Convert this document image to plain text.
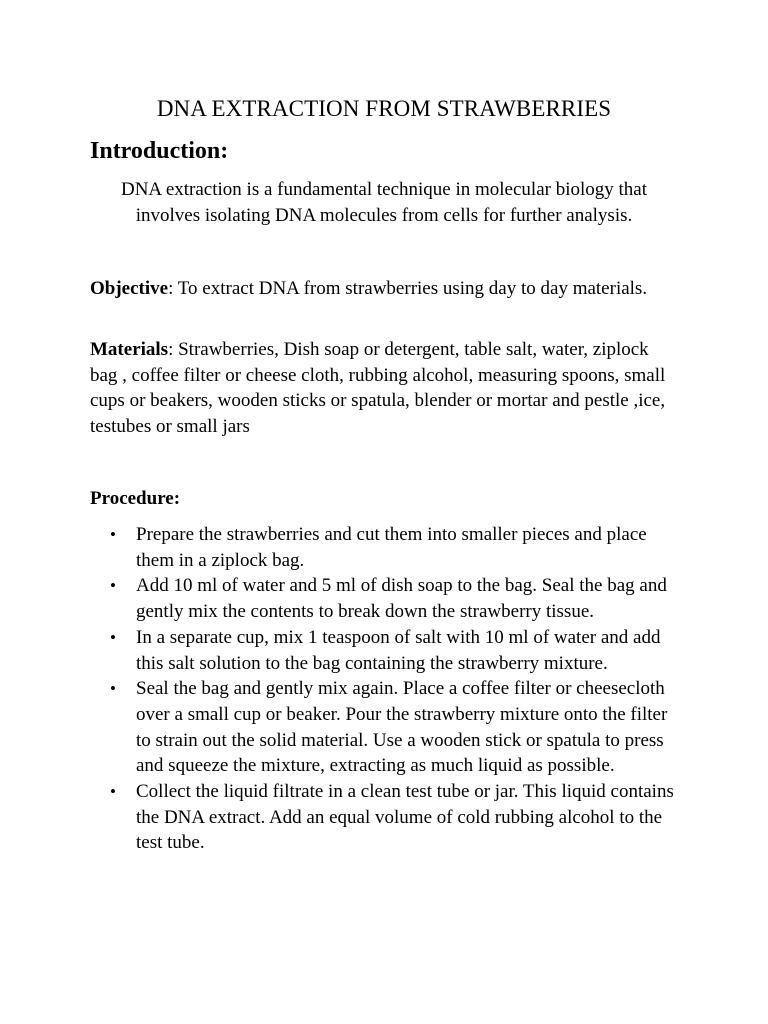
DNA EXTRACTION FROM STRAWBERRIES
Introduction:
DNA extraction is a fundamental technique in molecular biology that involves isolating DNA molecules from cells for further analysis.
Objective: To extract DNA from strawberries using day to day materials.
Materials: Strawberries, Dish soap or detergent, table salt, water, ziplock bag , coffee filter or cheese cloth, rubbing alcohol, measuring spoons, small cups or beakers, wooden sticks or spatula, blender or mortar and pestle ,ice, testubes or small jars
Procedure:
• Prepare the strawberries and cut them into smaller pieces and place them in a ziplock bag.
• Add 10 ml of water and 5 ml of dish soap to the bag. Seal the bag and gently mix the contents to break down the strawberry tissue.
• In a separate cup, mix 1 teaspoon of salt with 10 ml of water and add this salt solution to the bag containing the strawberry mixture.
• Seal the bag and gently mix again. Place a coffee filter or cheesecloth over a small cup or beaker. Pour the strawberry mixture onto the filter to strain out the solid material. Use a wooden stick or spatula to press and squeeze the mixture, extracting as much liquid as possible.
• Collect the liquid filtrate in a clean test tube or jar. This liquid contains the DNA extract. Add an equal volume of cold rubbing alcohol to the test tube.
